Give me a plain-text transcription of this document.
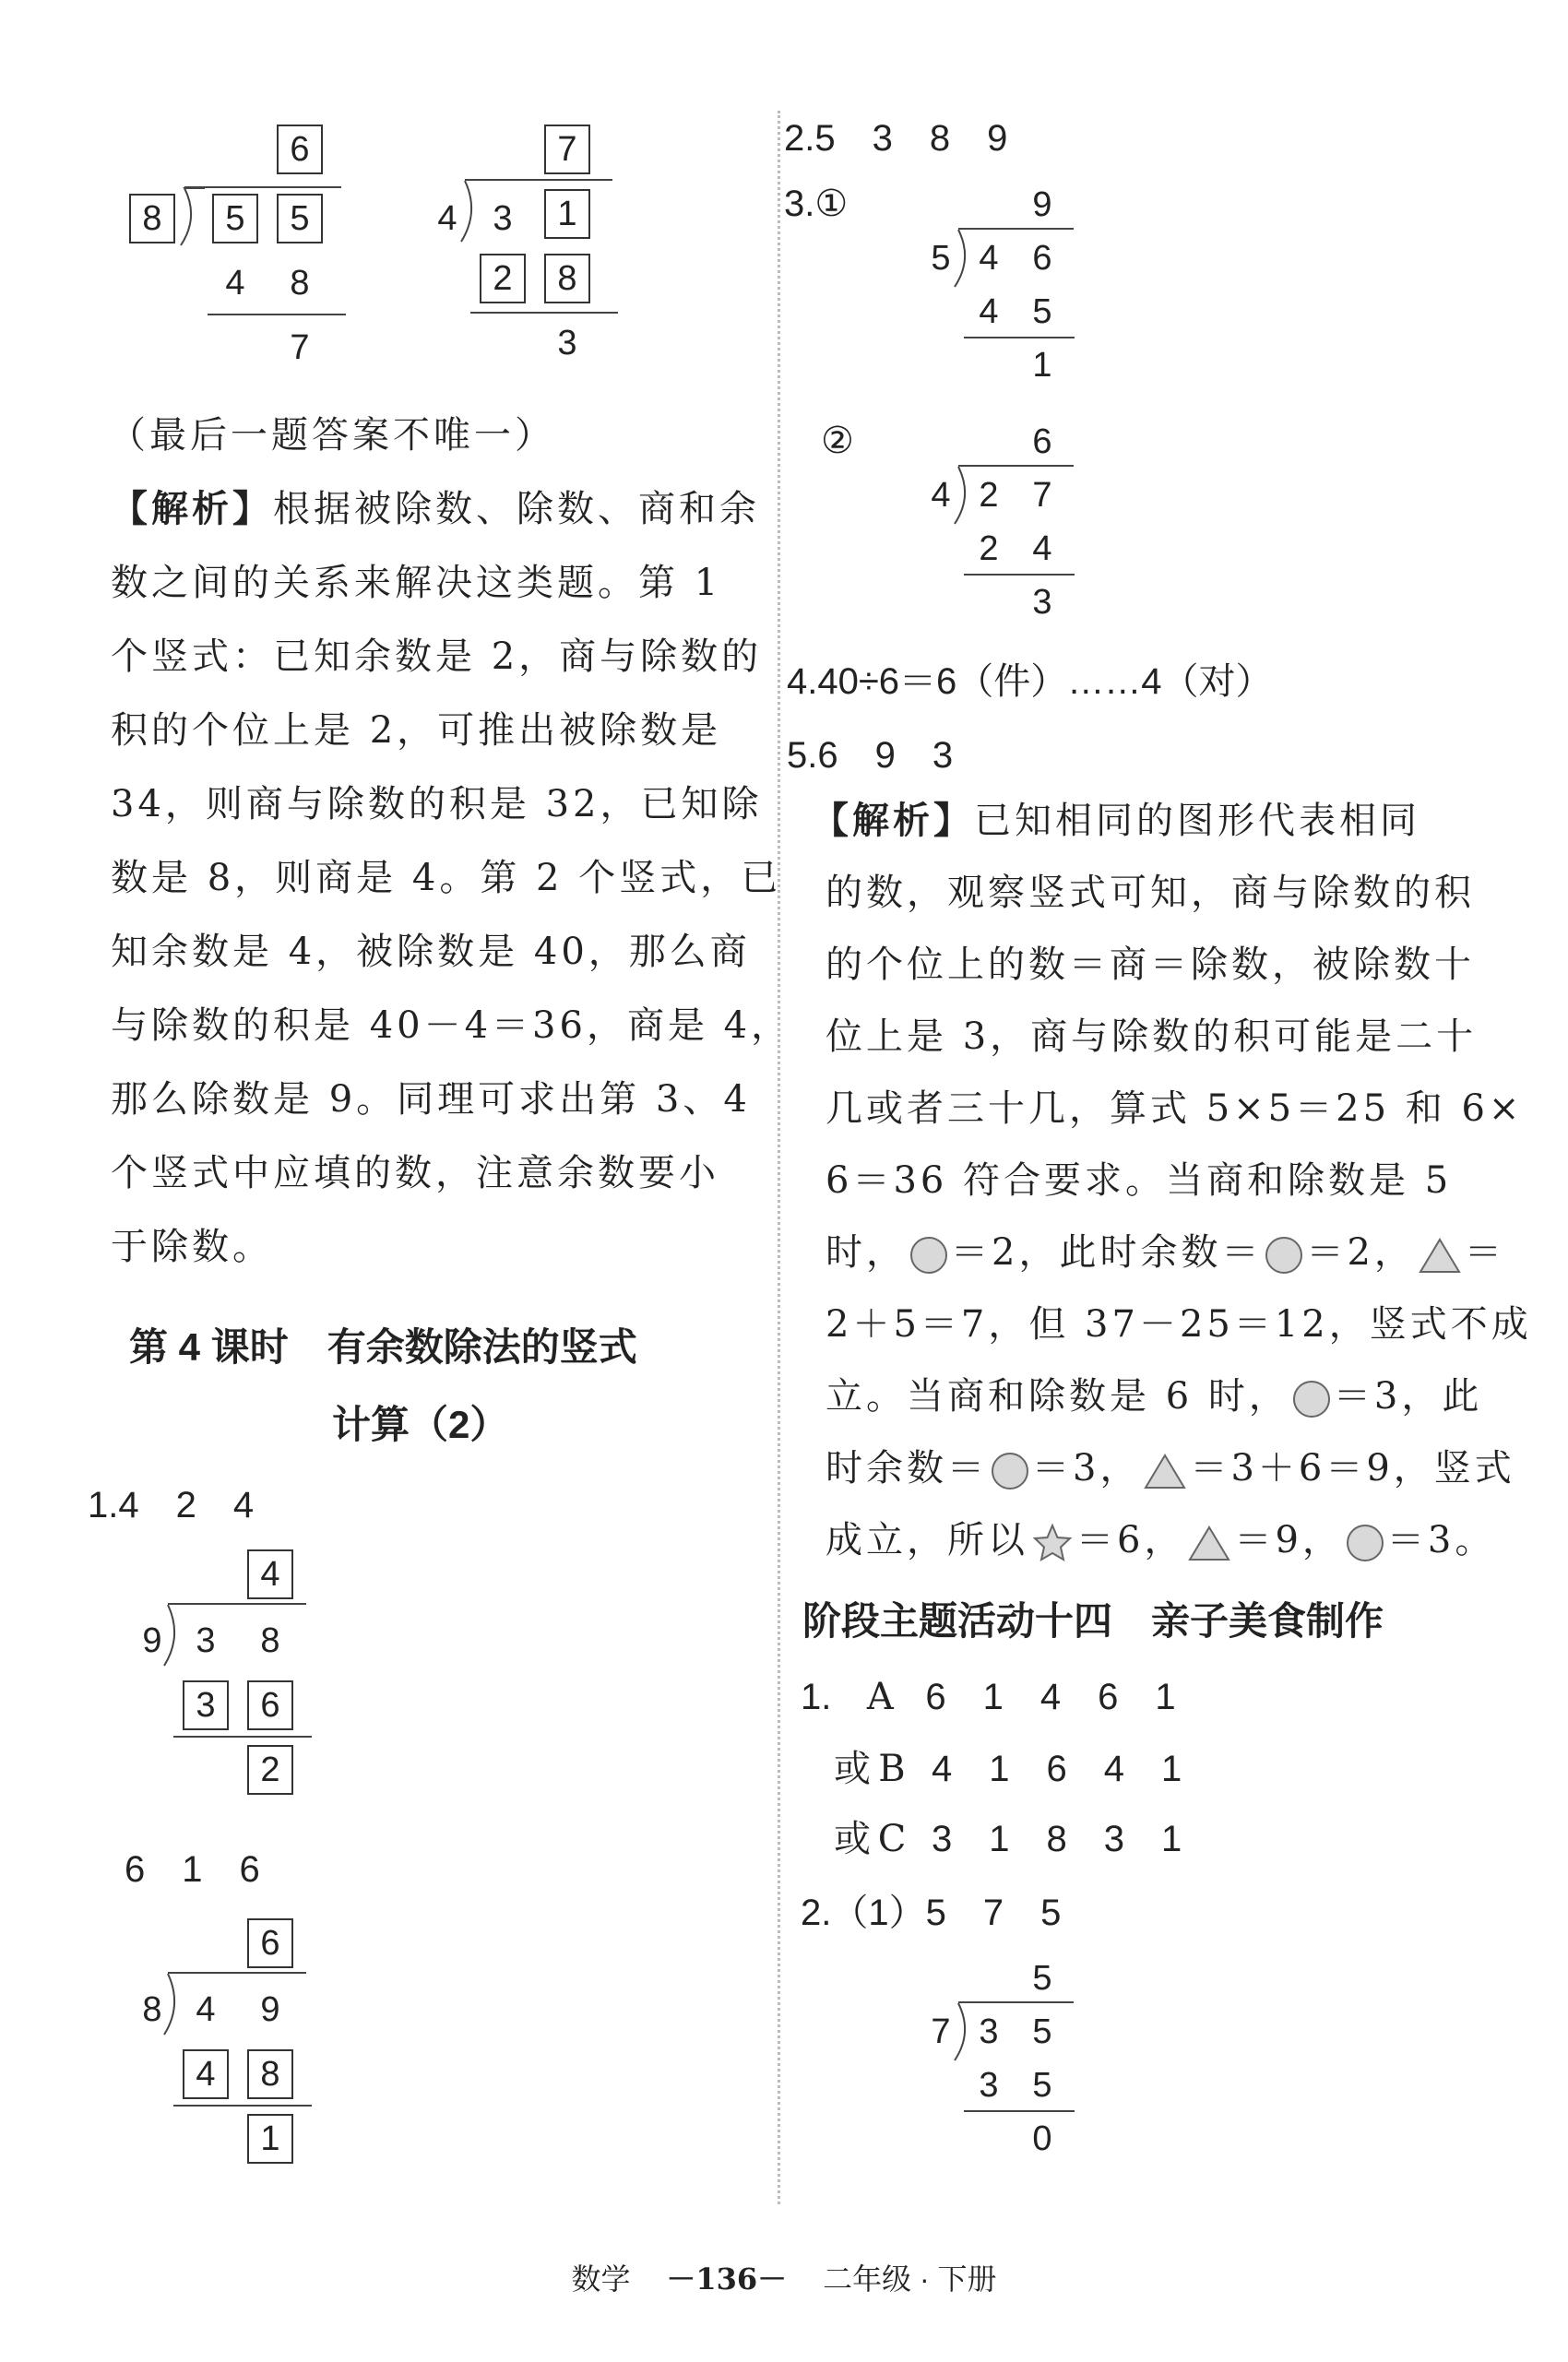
6
8	5	5
4	8
7
7
4	3	1
2	8
3
（最后一题答案不唯一）
【解析】根据被除数、除数、商和余
数之间的关系来解决这类题。第 1
个竖式：已知余数是 2，商与除数的
积的个位上是 2，可推出被除数是
34，则商与除数的积是 32，已知除
数是 8，则商是 4。第 2 个竖式，已
知余数是 4，被除数是 40，那么商
与除数的积是 40－4＝36，商是 4，
那么除数是 9。同理可求出第 3、4
个竖式中应填的数，注意余数要小
于除数。
第 4 课时　有余数除法的竖式
计算（2）
1.4　2　4
4
9 3	8
3	6
2
6　1　6
6
8 4	9
4	8
1
2.5　3　8　9
3.①	9
5 4 6
4 5
1
②	6
4 2 7
2 4
3
4.40÷6＝6（件）……4（对）
5.6　9　3
【解析】已知相同的图形代表相同
的数，观察竖式可知，商与除数的积
的个位上的数＝商＝除数，被除数十
位上是 3，商与除数的积可能是二十
几或者三十几，算式 5×5＝25 和 6×
6＝36 符合要求。当商和除数是 5
时， ＝2，此时余数＝ ＝2， ＝
2＋5＝7，但 37－25＝12，竖式不成
立。当商和除数是 6 时， ＝3，此
时余数＝ ＝3， ＝3＋6＝9，竖式
成立，所以 ＝6， ＝9， ＝3。
阶段主题活动十四　亲子美食制作
1. A 6　1　4　6　1
或 B 4　1　6　4　1
或 C 3　1　8　3　1
2.（1）5　7　5
5
7 3 5
3 5
0
数学 －136－ 二年级 · 下册
